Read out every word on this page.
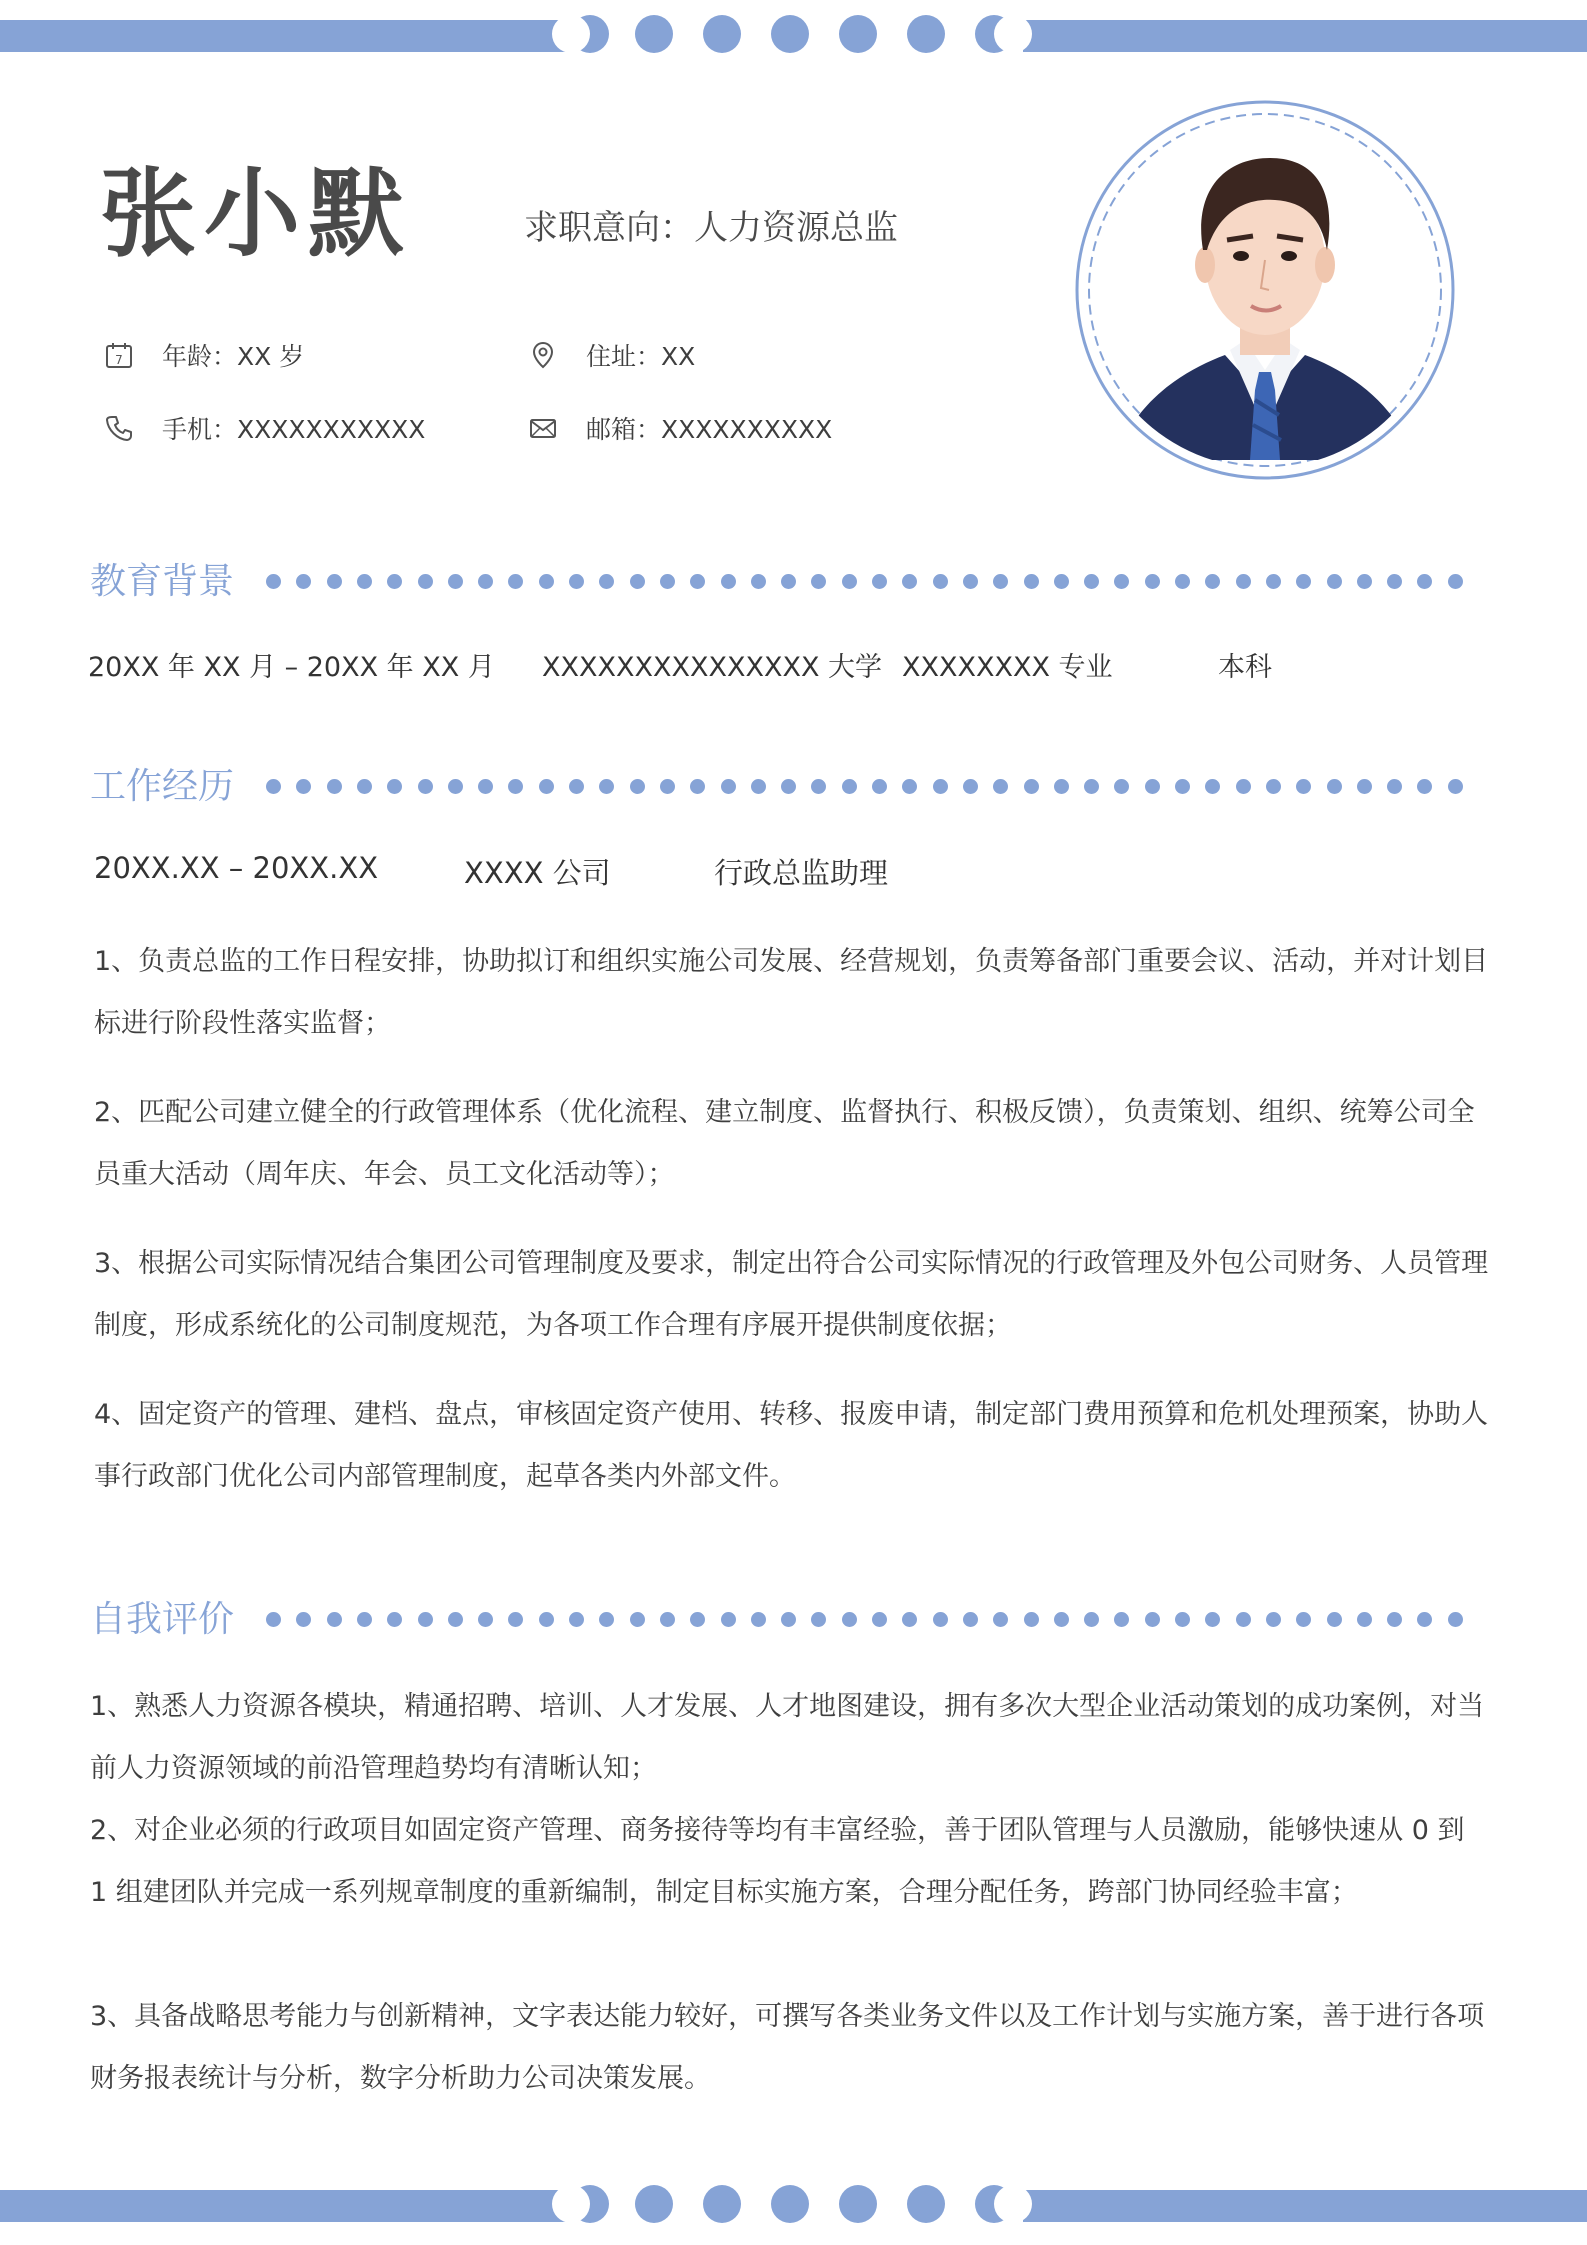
张小默	求职意向：人力资源总监
7 年龄：XX 岁	住址：XX
手机：XXXXXXXXXXX	邮箱：XXXXXXXXXX
教育背景
20XX 年 XX 月 – 20XX 年 XX 月 XXXXXXXXXXXXXXX 大学 XXXXXXXX 专业	本科
工作经历
20XX.XX – 20XX.XX	XXXX 公司	行政总监助理
1、负责总监的工作日程安排，协助拟订和组织实施公司发展、经营规划，负责筹备部门重要会议、活动，并对计划目标进行阶段性落实监督；
2、匹配公司建立健全的行政管理体系（优化流程、建立制度、监督执行、积极反馈），负责策划、组织、统筹公司全员重大活动（周年庆、年会、员工文化活动等）；
3、根据公司实际情况结合集团公司管理制度及要求，制定出符合公司实际情况的行政管理及外包公司财务、人员管理制度，形成系统化的公司制度规范，为各项工作合理有序展开提供制度依据；
4、固定资产的管理、建档、盘点，审核固定资产使用、转移、报废申请，制定部门费用预算和危机处理预案，协助人事行政部门优化公司内部管理制度，起草各类内外部文件。
自我评价
1、熟悉人力资源各模块，精通招聘、培训、人才发展、人才地图建设，拥有多次大型企业活动策划的成功案例，对当前人力资源领域的前沿管理趋势均有清晰认知；
2、对企业必须的行政项目如固定资产管理、商务接待等均有丰富经验，善于团队管理与人员激励，能够快速从 0 到 1 组建团队并完成一系列规章制度的重新编制，制定目标实施方案，合理分配任务，跨部门协同经验丰富；
3、具备战略思考能力与创新精神，文字表达能力较好，可撰写各类业务文件以及工作计划与实施方案，善于进行各项财务报表统计与分析，数字分析助力公司决策发展。
